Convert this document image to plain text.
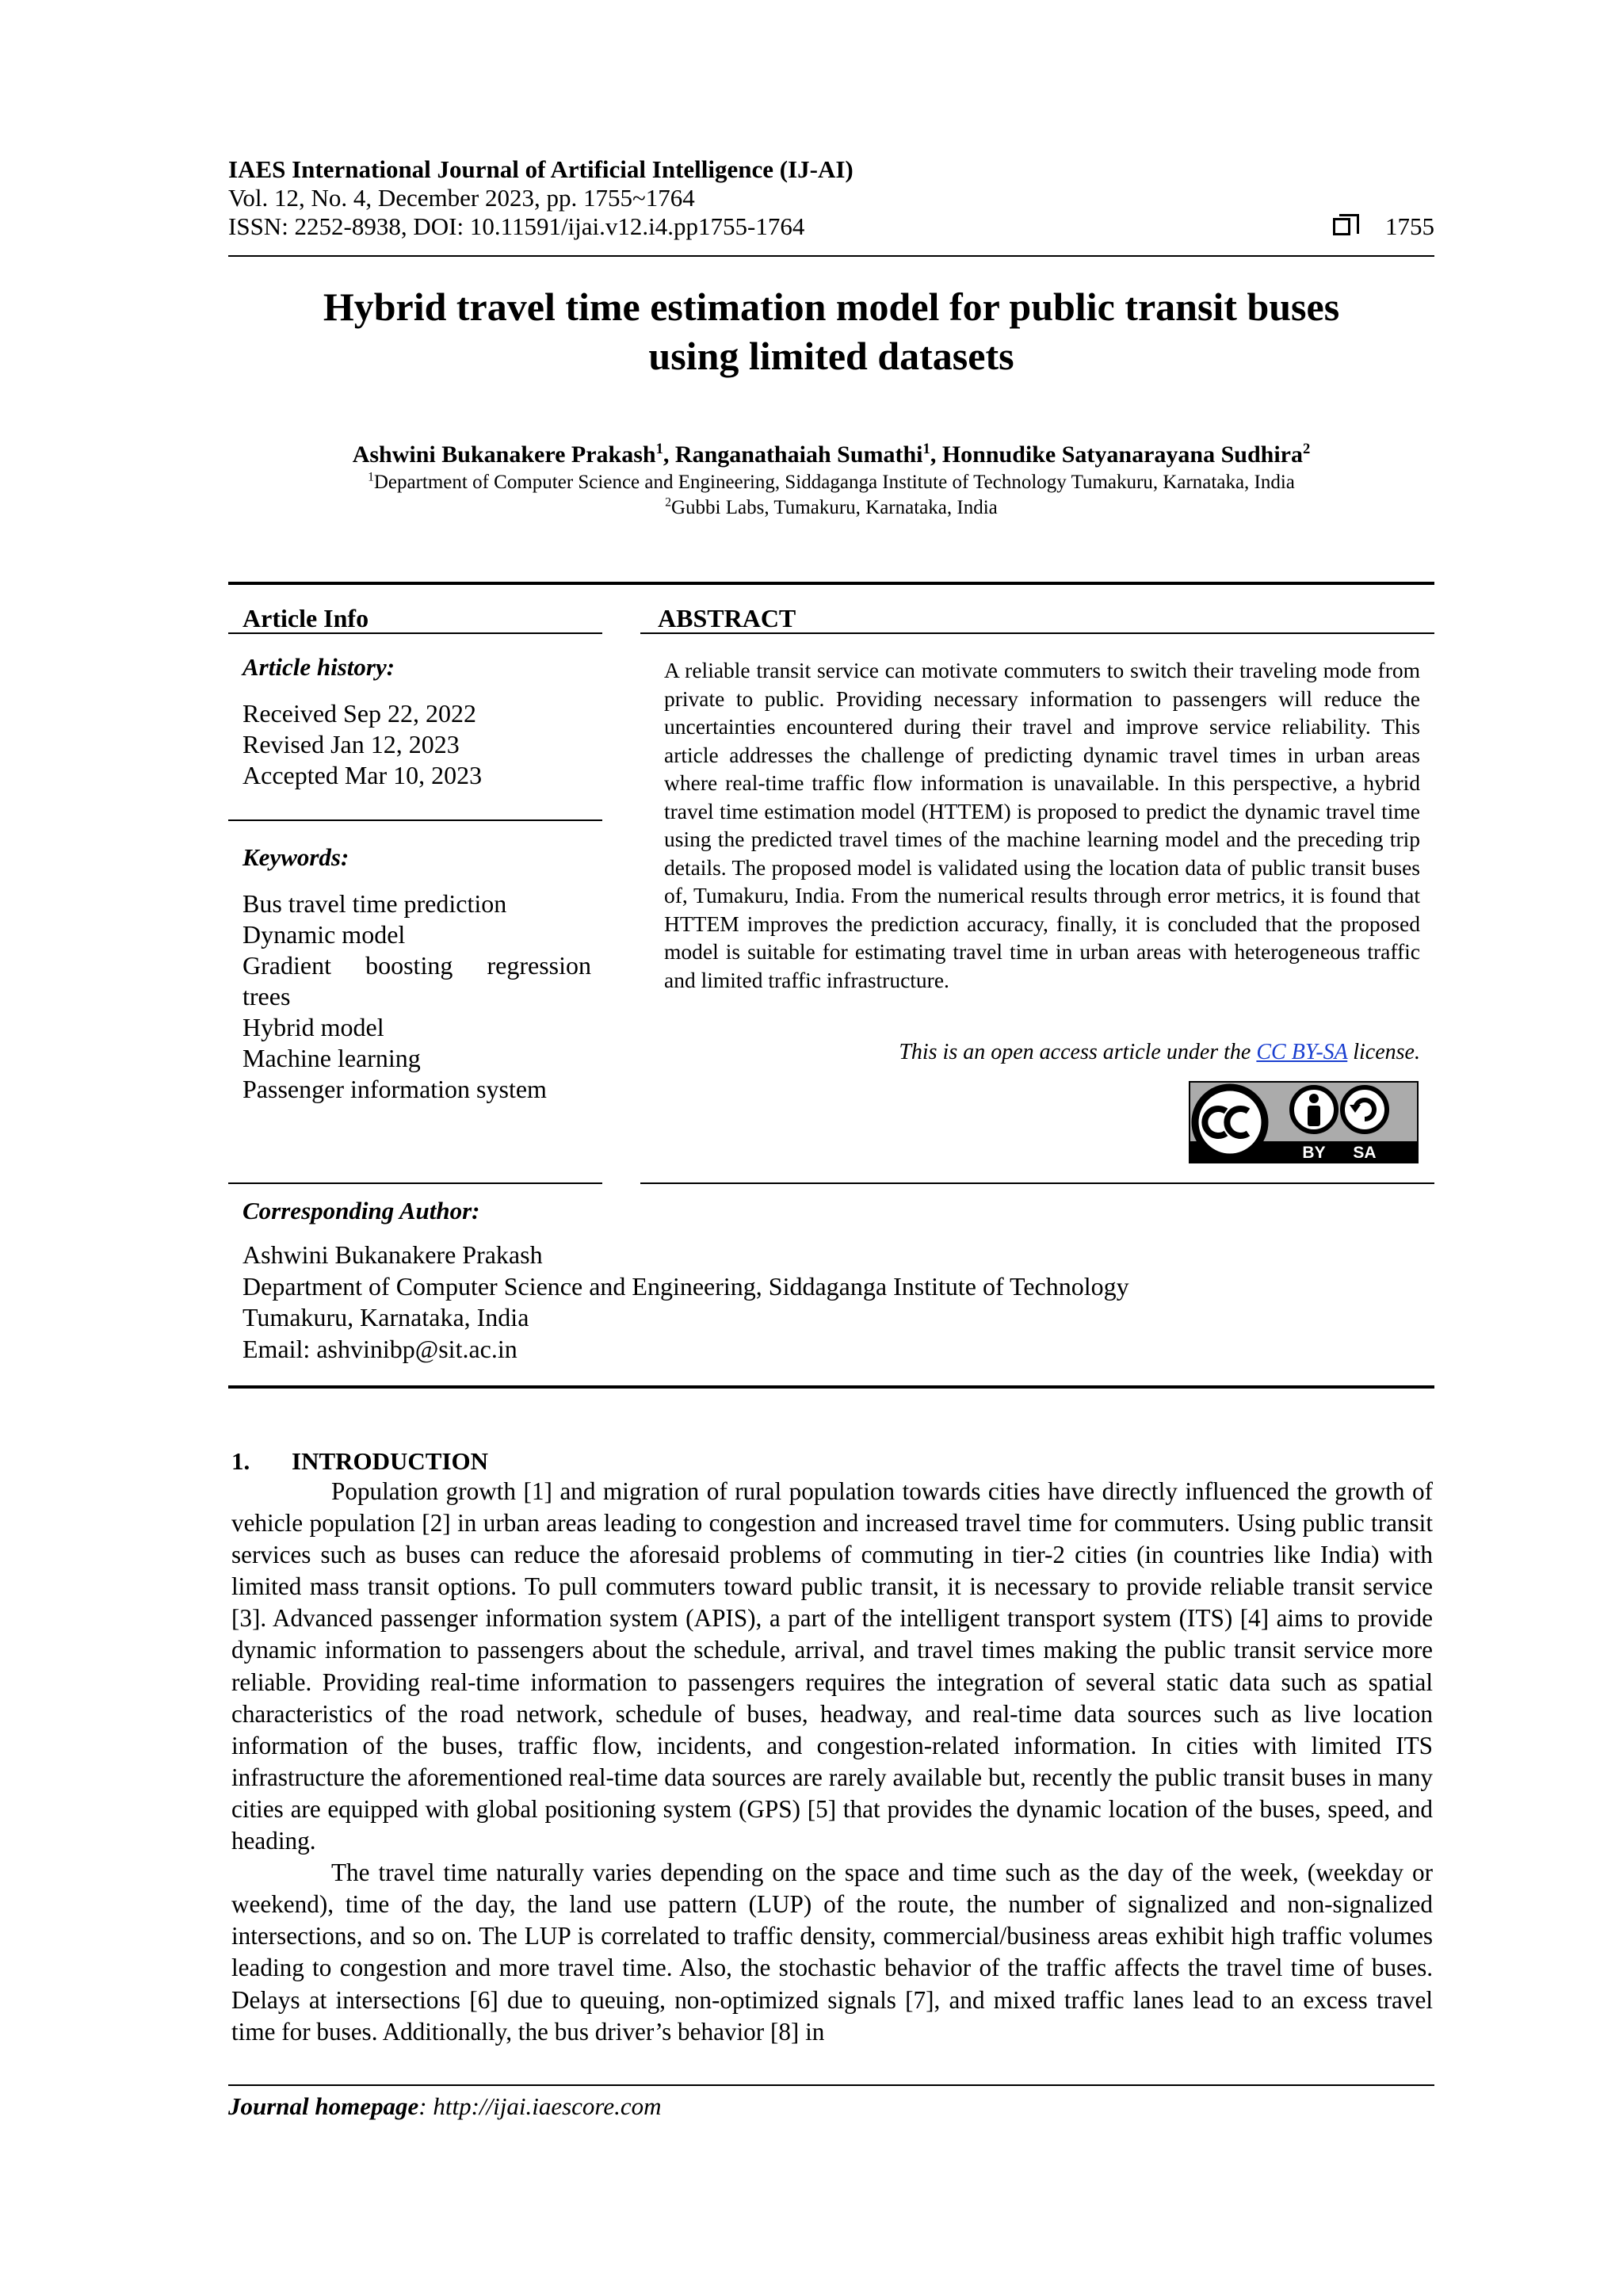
IAES International Journal of Artificial Intelligence (IJ-AI)
Vol. 12, No. 4, December 2023, pp. 1755~1764
ISSN: 2252-8938, DOI: 10.11591/ijai.v12.i4.pp1755-1764	1755
Hybrid travel time estimation model for public transit buses
using limited datasets
Ashwini Bukanakere Prakash$^1$, Ranganathaiah Sumathi$^1$, Honnudike Satyanarayana Sudhira$^2$
$^1$Department of Computer Science and Engineering, Siddaganga Institute of Technology Tumakuru, Karnataka, India
$^2$Gubbi Labs, Tumakuru, Karnataka, India
Article Info	ABSTRACT
Article history:
Received Sep 22, 2022
Revised Jan 12, 2023
Accepted Mar 10, 2023
Keywords:
Bus travel time prediction
Dynamic model
Gradient boosting regression
trees
Hybrid model
Machine learning
Passenger information system
A reliable transit service can motivate commuters to switch their traveling mode from private to public. Providing necessary information to passengers will reduce the uncertainties encountered during their travel and improve service reliability. This article addresses the challenge of predicting dynamic travel times in urban areas where real-time traffic flow information is unavailable. In this perspective, a hybrid travel time estimation model (HTTEM) is proposed to predict the dynamic travel time using the predicted travel times of the machine learning model and the preceding trip details. The proposed model is validated using the location data of public transit buses of, Tumakuru, India. From the numerical results through error metrics, it is found that HTTEM improves the prediction accuracy, finally, it is concluded that the proposed model is suitable for estimating travel time in urban areas with heterogeneous traffic and limited traffic infrastructure.
This is an open access article under the CC BY-SA license.
BY SA
Corresponding Author:
Ashwini Bukanakere Prakash
Department of Computer Science and Engineering, Siddaganga Institute of Technology
Tumakuru, Karnataka, India
Email: ashvinibp@sit.ac.in
1. INTRODUCTION

Population growth [1] and migration of rural population towards cities have directly influenced the growth of vehicle population [2] in urban areas leading to congestion and increased travel time for commuters. Using public transit services such as buses can reduce the aforesaid problems of commuting in tier-2 cities (in countries like India) with limited mass transit options. To pull commuters toward public transit, it is necessary to provide reliable transit service [3]. Advanced passenger information system (APIS), a part of the intelligent transport system (ITS) [4] aims to provide dynamic information to passengers about the schedule, arrival, and travel times making the public transit service more reliable. Providing real-time information to passengers requires the integration of several static data such as spatial characteristics of the road network, schedule of buses, headway, and real-time data sources such as live location information of the buses, traffic flow, incidents, and congestion-related information. In cities with limited ITS infrastructure the aforementioned real-time data sources are rarely available but, recently the public transit buses in many cities are equipped with global positioning system (GPS) [5] that provides the dynamic location of the buses, speed, and heading.

The travel time naturally varies depending on the space and time such as the day of the week, (weekday or weekend), time of the day, the land use pattern (LUP) of the route, the number of signalized and non-signalized intersections, and so on. The LUP is correlated to traffic density, commercial/business areas exhibit high traffic volumes leading to congestion and more travel time. Also, the stochastic behavior of the traffic affects the travel time of buses. Delays at intersections [6] due to queuing, non-optimized signals [7], and mixed traffic lanes lead to an excess travel time for buses. Additionally, the bus driver’s behavior [8] in

Journal homepage: http://ijai.iaescore.com
